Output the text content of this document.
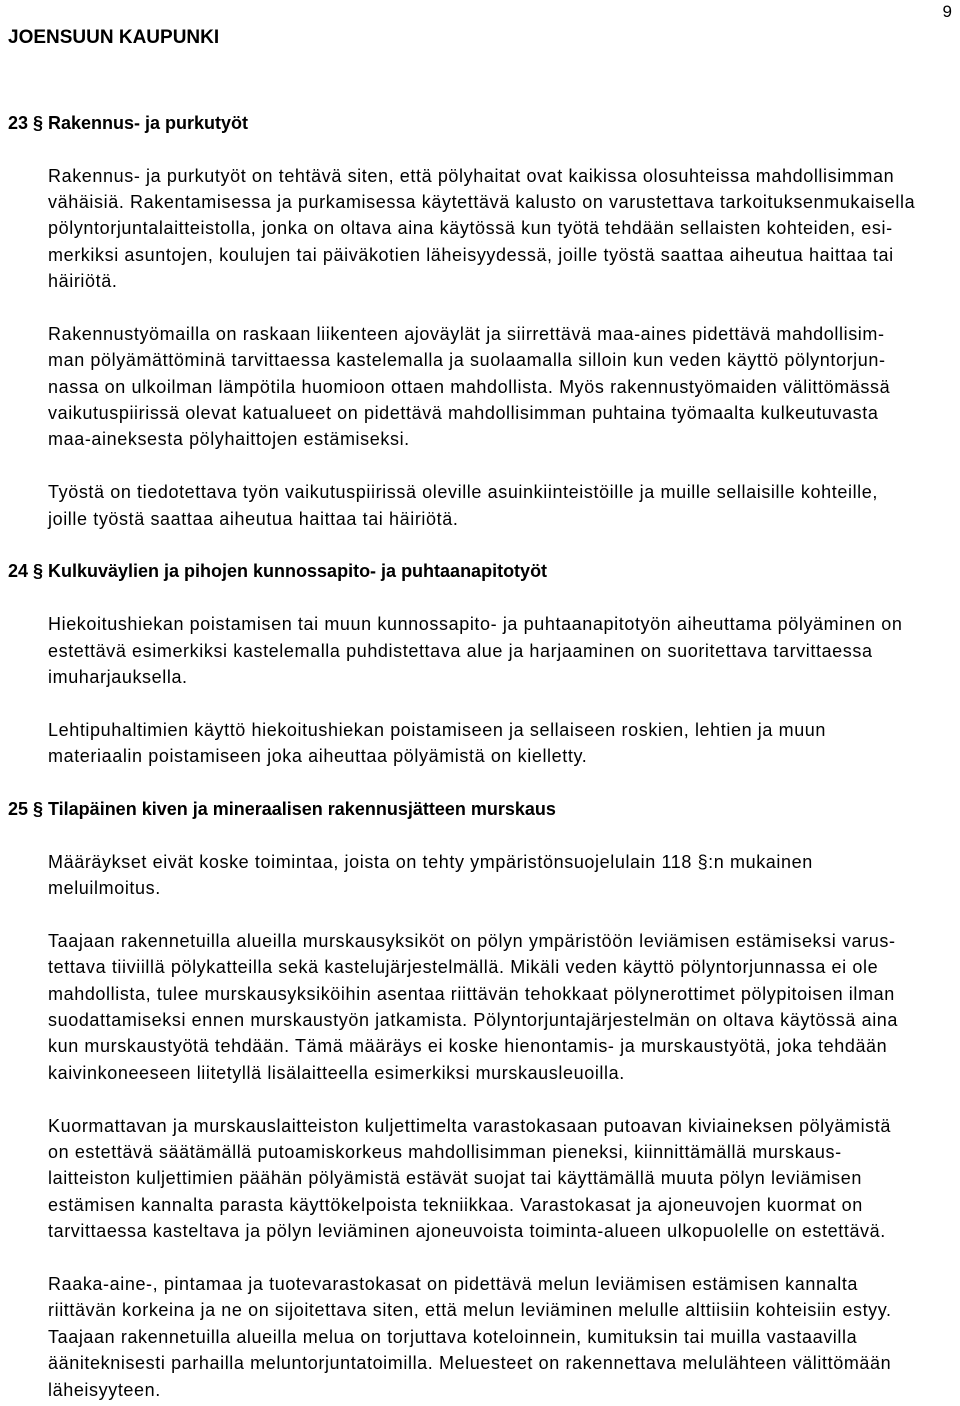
JOENSUUN KAUPUNKI
9
23 § Rakennus- ja purkutyöt
Rakennus- ja purkutyöt on tehtävä siten, että pölyhaitat ovat kaikissa olosuhteissa mahdollisimman
vähäisiä. Rakentamisessa ja purkamisessa käytettävä kalusto on varustettava tarkoituksenmukaisella
pölyntorjuntalaitteistolla, jonka on oltava aina käytössä kun työtä tehdään sellaisten kohteiden, esi-
merkiksi asuntojen, koulujen tai päiväkotien läheisyydessä, joille työstä saattaa aiheutua haittaa tai
häiriötä.
Rakennustyömailla on raskaan liikenteen ajoväylät ja siirrettävä maa-aines pidettävä mahdollisim-
man pölyämättöminä tarvittaessa kastelemalla ja suolaamalla silloin kun veden käyttö pölyntorjun-
nassa on ulkoilman lämpötila huomioon ottaen mahdollista. Myös rakennustyömaiden välittömässä
vaikutuspiirissä olevat katualueet on pidettävä mahdollisimman puhtaina työmaalta kulkeutuvasta
maa-aineksesta pölyhaittojen estämiseksi.
Työstä on tiedotettava työn vaikutuspiirissä oleville asuinkiinteistöille ja muille sellaisille kohteille,
joille työstä saattaa aiheutua haittaa tai häiriötä.
24 § Kulkuväylien ja pihojen kunnossapito- ja puhtaanapitotyöt
Hiekoitushiekan poistamisen tai muun kunnossapito- ja puhtaanapitotyön aiheuttama pölyäminen on
estettävä esimerkiksi kastelemalla puhdistettava alue ja harjaaminen on suoritettava tarvittaessa
imuharjauksella.
Lehtipuhaltimien käyttö hiekoitushiekan poistamiseen ja sellaiseen roskien, lehtien ja muun
materiaalin poistamiseen joka aiheuttaa pölyämistä on kielletty.
25 § Tilapäinen kiven ja mineraalisen rakennusjätteen murskaus
Määräykset eivät koske toimintaa, joista on tehty ympäristönsuojelulain 118 §:n mukainen
meluilmoitus.
Taajaan rakennetuilla alueilla murskausyksiköt on pölyn ympäristöön leviämisen estämiseksi varus-
tettava tiiviillä pölykatteilla sekä kastelujärjestelmällä. Mikäli veden käyttö pölyntorjunnassa ei ole
mahdollista, tulee murskausyksiköihin asentaa riittävän tehokkaat pölynerottimet pölypitoisen ilman
suodattamiseksi ennen murskaustyön jatkamista. Pölyntorjuntajärjestelmän on oltava käytössä aina
kun murskaustyötä tehdään. Tämä määräys ei koske hienontamis- ja murskaustyötä, joka tehdään
kaivinkoneeseen liitetyllä lisälaitteella esimerkiksi murskausleuoilla.
Kuormattavan ja murskauslaitteiston kuljettimelta varastokasaan putoavan kiviaineksen pölyämistä
on estettävä säätämällä putoamiskorkeus mahdollisimman pieneksi, kiinnittämällä murskaus-
laitteiston kuljettimien päähän pölyämistä estävät suojat tai käyttämällä muuta pölyn leviämisen
estämisen kannalta parasta käyttökelpoista tekniikkaa. Varastokasat ja ajoneuvojen kuormat on
tarvittaessa kasteltava ja pölyn leviäminen ajoneuvoista toiminta-alueen ulkopuolelle on estettävä.
Raaka-aine-, pintamaa ja tuotevarastokasat on pidettävä melun leviämisen estämisen kannalta
riittävän korkeina ja ne on sijoitettava siten, että melun leviäminen melulle alttiisiin kohteisiin estyy.
Taajaan rakennetuilla alueilla melua on torjuttava koteloinnein, kumituksin tai muilla vastaavilla
ääniteknisesti parhailla meluntorjuntatoimilla. Meluesteet on rakennettava melulähteen välittömään
läheisyyteen.
